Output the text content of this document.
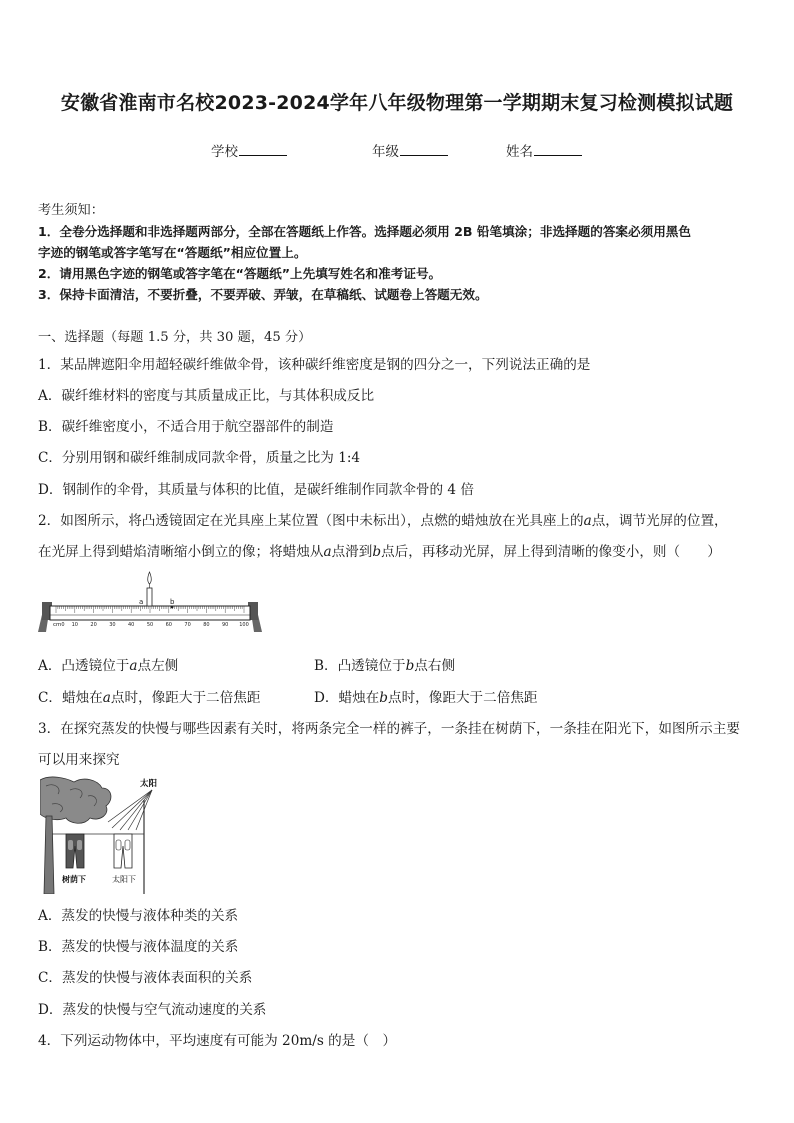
安徽省淮南市名校2023-2024学年八年级物理第一学期期末复习检测模拟试题
学校	年级	姓名
考生须知：
1．全卷分选择题和非选择题两部分，全部在答题纸上作答。选择题必须用 2B 铅笔填涂；非选择题的答案必须用黑色
字迹的钢笔或答字笔写在“答题纸”相应位置上。
2．请用黑色字迹的钢笔或答字笔在“答题纸”上先填写姓名和准考证号。
3．保持卡面清洁，不要折叠，不要弄破、弄皱，在草稿纸、试题卷上答题无效。
一、选择题（每题 1.5 分，共 30 题，45 分）
1．某品牌遮阳伞用超轻碳纤维做伞骨，该种碳纤维密度是钢的四分之一，下列说法正确的是
A．碳纤维材料的密度与其质量成正比，与其体积成反比
B．碳纤维密度小，不适合用于航空器部件的制造
C．分别用钢和碳纤维制成同款伞骨，质量之比为 1:4
D．钢制作的伞骨，其质量与体积的比值，是碳纤维制作同款伞骨的 4 倍
2．如图所示，将凸透镜固定在光具座上某位置（图中未标出），点燃的蜡烛放在光具座上的a点，调节光屏的位置，
在光屏上得到蜡焰清晰缩小倒立的像；将蜡烛从a点滑到b点后，再移动光屏，屏上得到清晰的像变小，则（　　）
cm 0 10 20 30 40 50 60 70 80 90 100
a	b
A．凸透镜位于a点左侧	B．凸透镜位于b点右侧
C．蜡烛在a点时，像距大于二倍焦距	D．蜡烛在b点时，像距大于二倍焦距
3．在探究蒸发的快慢与哪些因素有关时，将两条完全一样的裤子，一条挂在树荫下，一条挂在阳光下，如图所示主要
可以用来探究
太阳
树荫下	太阳下
A．蒸发的快慢与液体种类的关系
B．蒸发的快慢与液体温度的关系
C．蒸发的快慢与液体表面积的关系
D．蒸发的快慢与空气流动速度的关系
4．下列运动物体中，平均速度有可能为 20m/s 的是（　）
